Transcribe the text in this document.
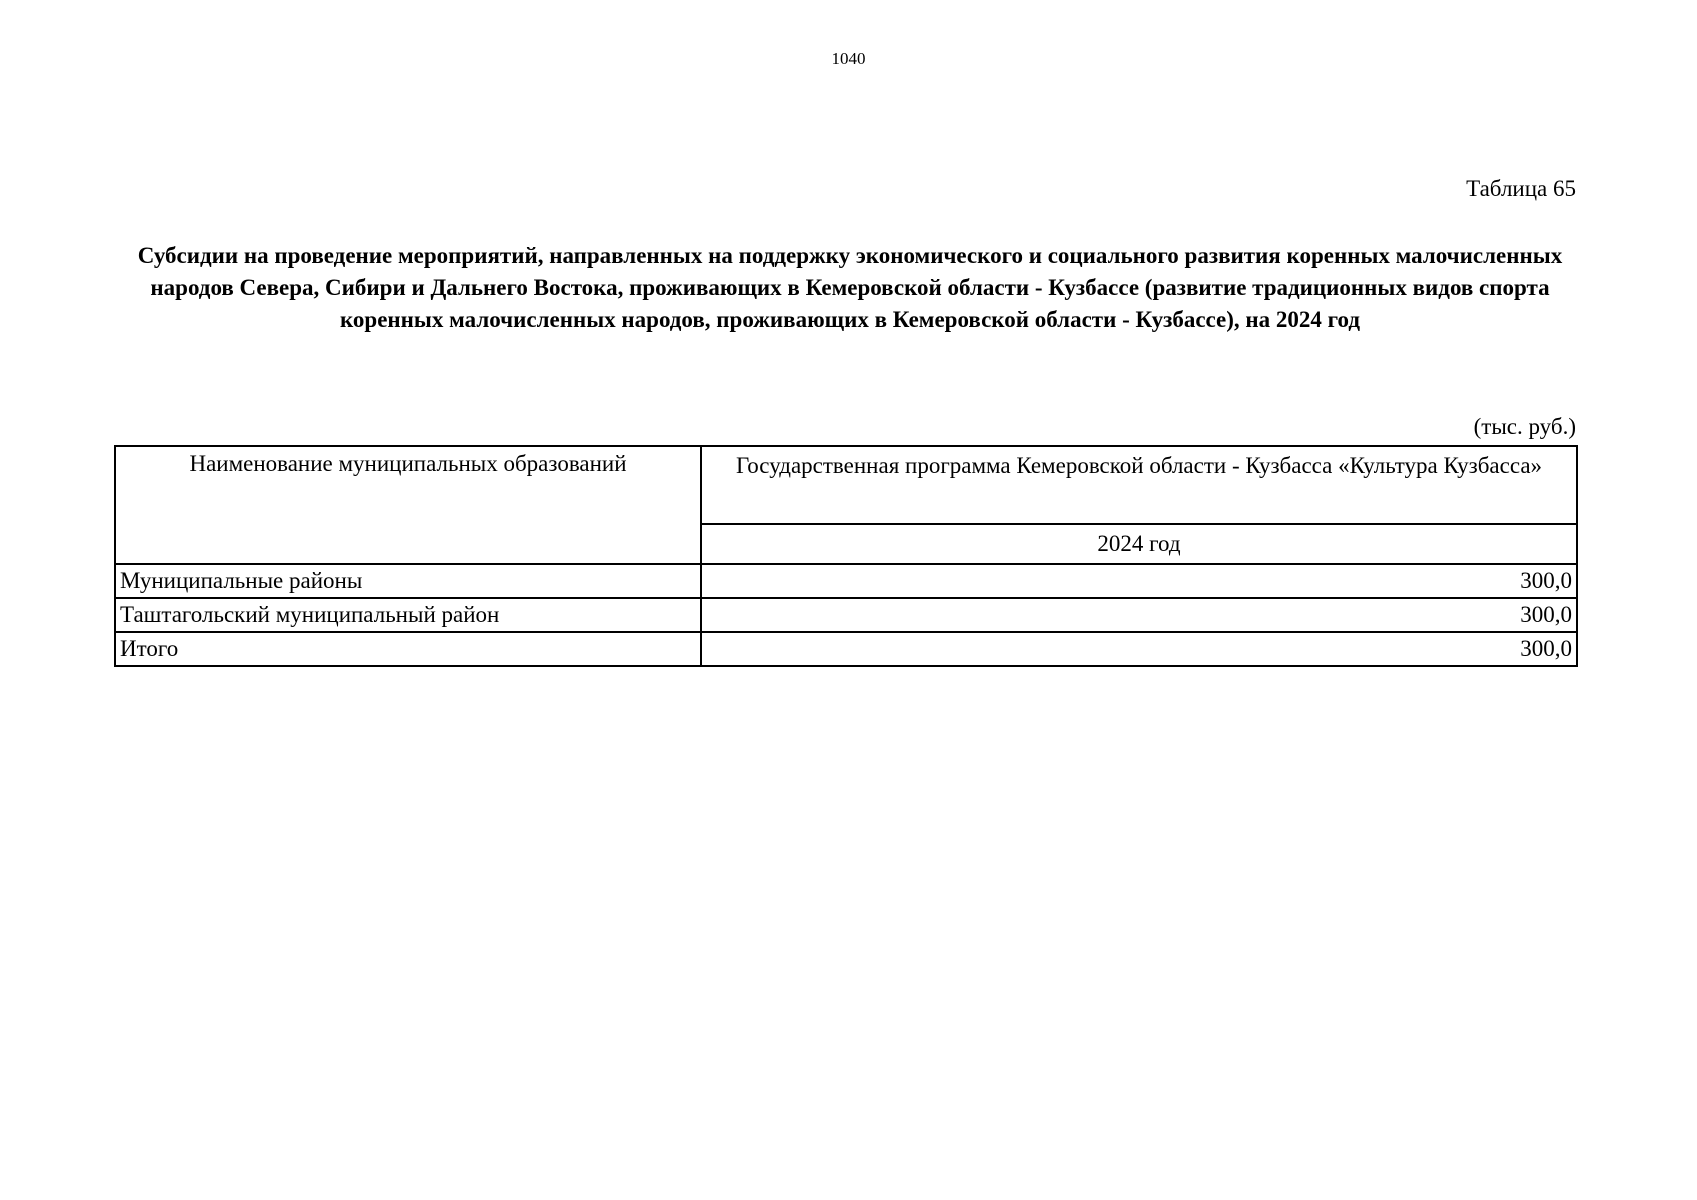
1040
Таблица 65
Субсидии на проведение мероприятий, направленных на поддержку экономического и социального развития коренных малочисленных народов Севера, Сибири и Дальнего Востока, проживающих в Кемеровской области - Кузбассе (развитие традиционных видов спорта коренных малочисленных народов, проживающих в Кемеровской области - Кузбассе), на 2024 год
(тыс. руб.)
Наименование муниципальных образований	Государственная программа Кемеровской области - Кузбасса «Культура Кузбасса»
	2024 год
Муниципальные районы	300,0
Таштагольский муниципальный район	300,0
Итого	300,0
